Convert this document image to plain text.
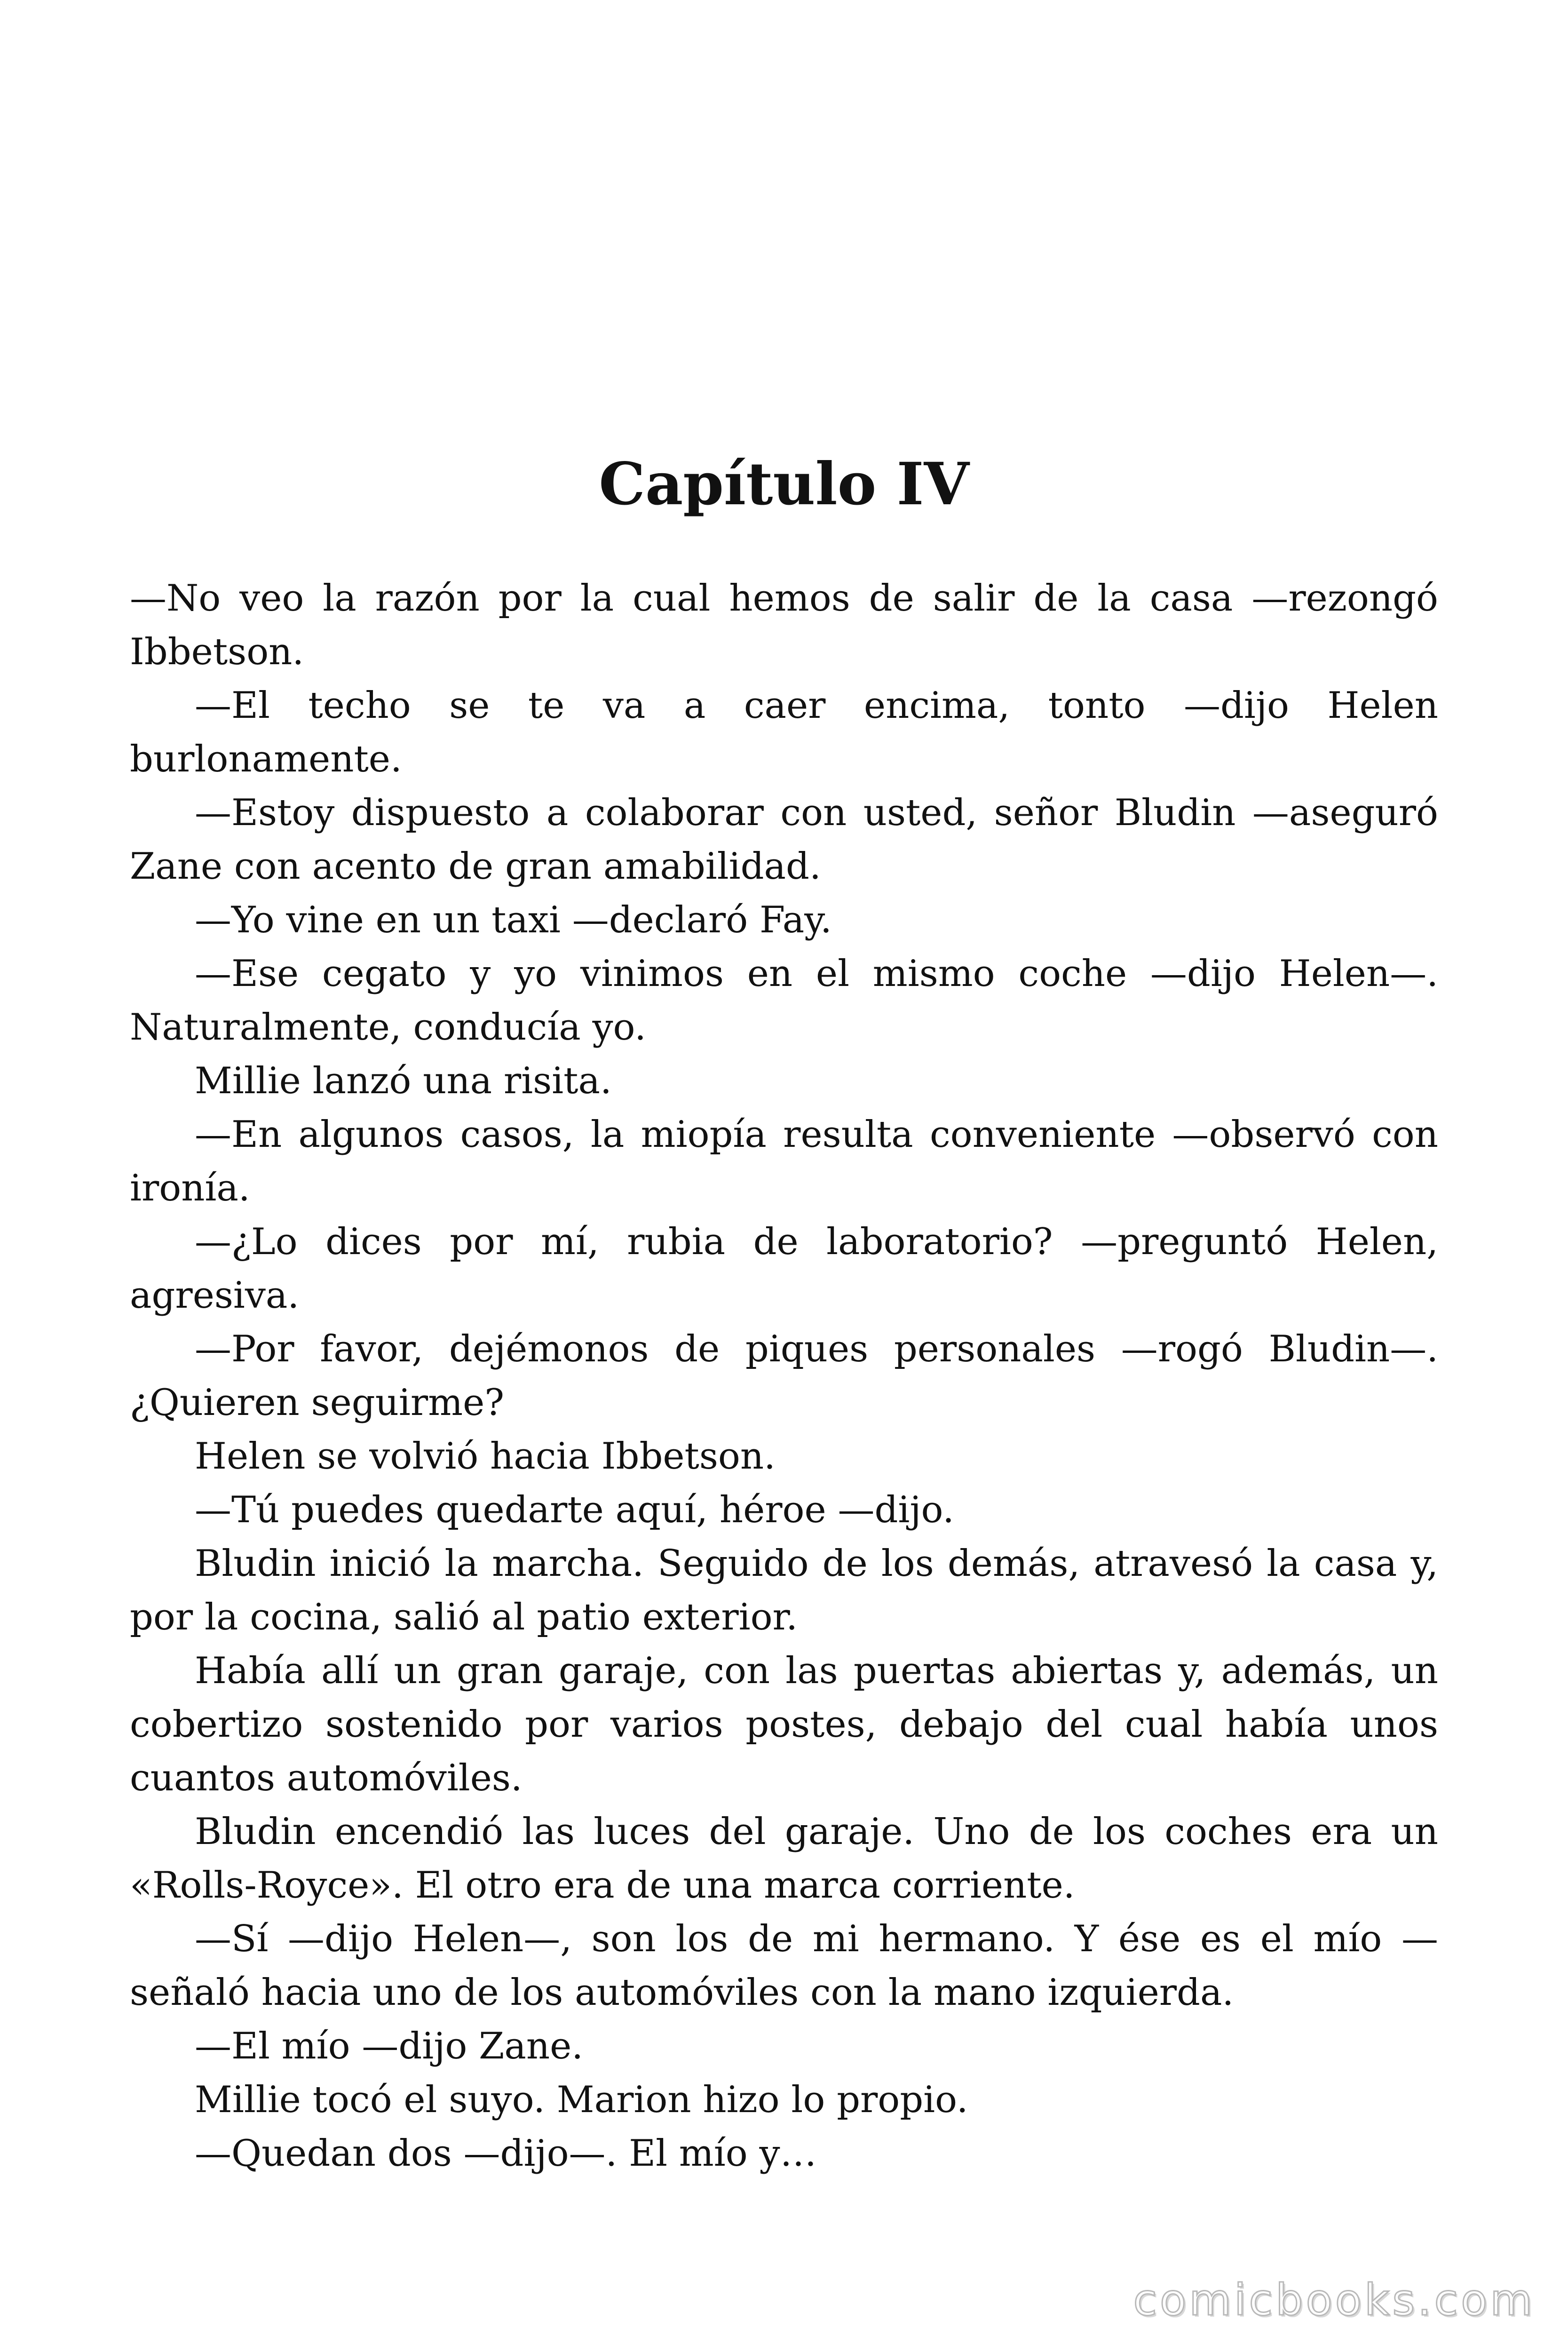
Capítulo IV

—No veo la razón por la cual hemos de salir de la casa —rezongó Ibbetson.

—El techo se te va a caer encima, tonto —dijo Helen burlonamente.

—Estoy dispuesto a colaborar con usted, señor Bludin —aseguró Zane con acento de gran amabilidad.

—Yo vine en un taxi —declaró Fay.

—Ese cegato y yo vinimos en el mismo coche —dijo Helen—. Naturalmente, conducía yo.

Millie lanzó una risita.

—En algunos casos, la miopía resulta conveniente —observó con ironía.

—¿Lo dices por mí, rubia de laboratorio? —preguntó Helen, agresiva.

—Por favor, dejémonos de piques personales —rogó Bludin—. ¿Quieren seguirme?

Helen se volvió hacia Ibbetson.

—Tú puedes quedarte aquí, héroe —dijo.

Bludin inició la marcha. Seguido de los demás, atravesó la casa y, por la cocina, salió al patio exterior.

Había allí un gran garaje, con las puertas abiertas y, además, un cobertizo sostenido por varios postes, debajo del cual había unos cuantos automóviles.

Bludin encendió las luces del garaje. Uno de los coches era un «Rolls-Royce». El otro era de una marca corriente.

—Sí —dijo Helen—, son los de mi hermano. Y ése es el mío —señaló hacia uno de los automóviles con la mano izquierda.

—El mío —dijo Zane.

Millie tocó el suyo. Marion hizo lo propio.

—Quedan dos —dijo—. El mío y…

comicbooks.com
